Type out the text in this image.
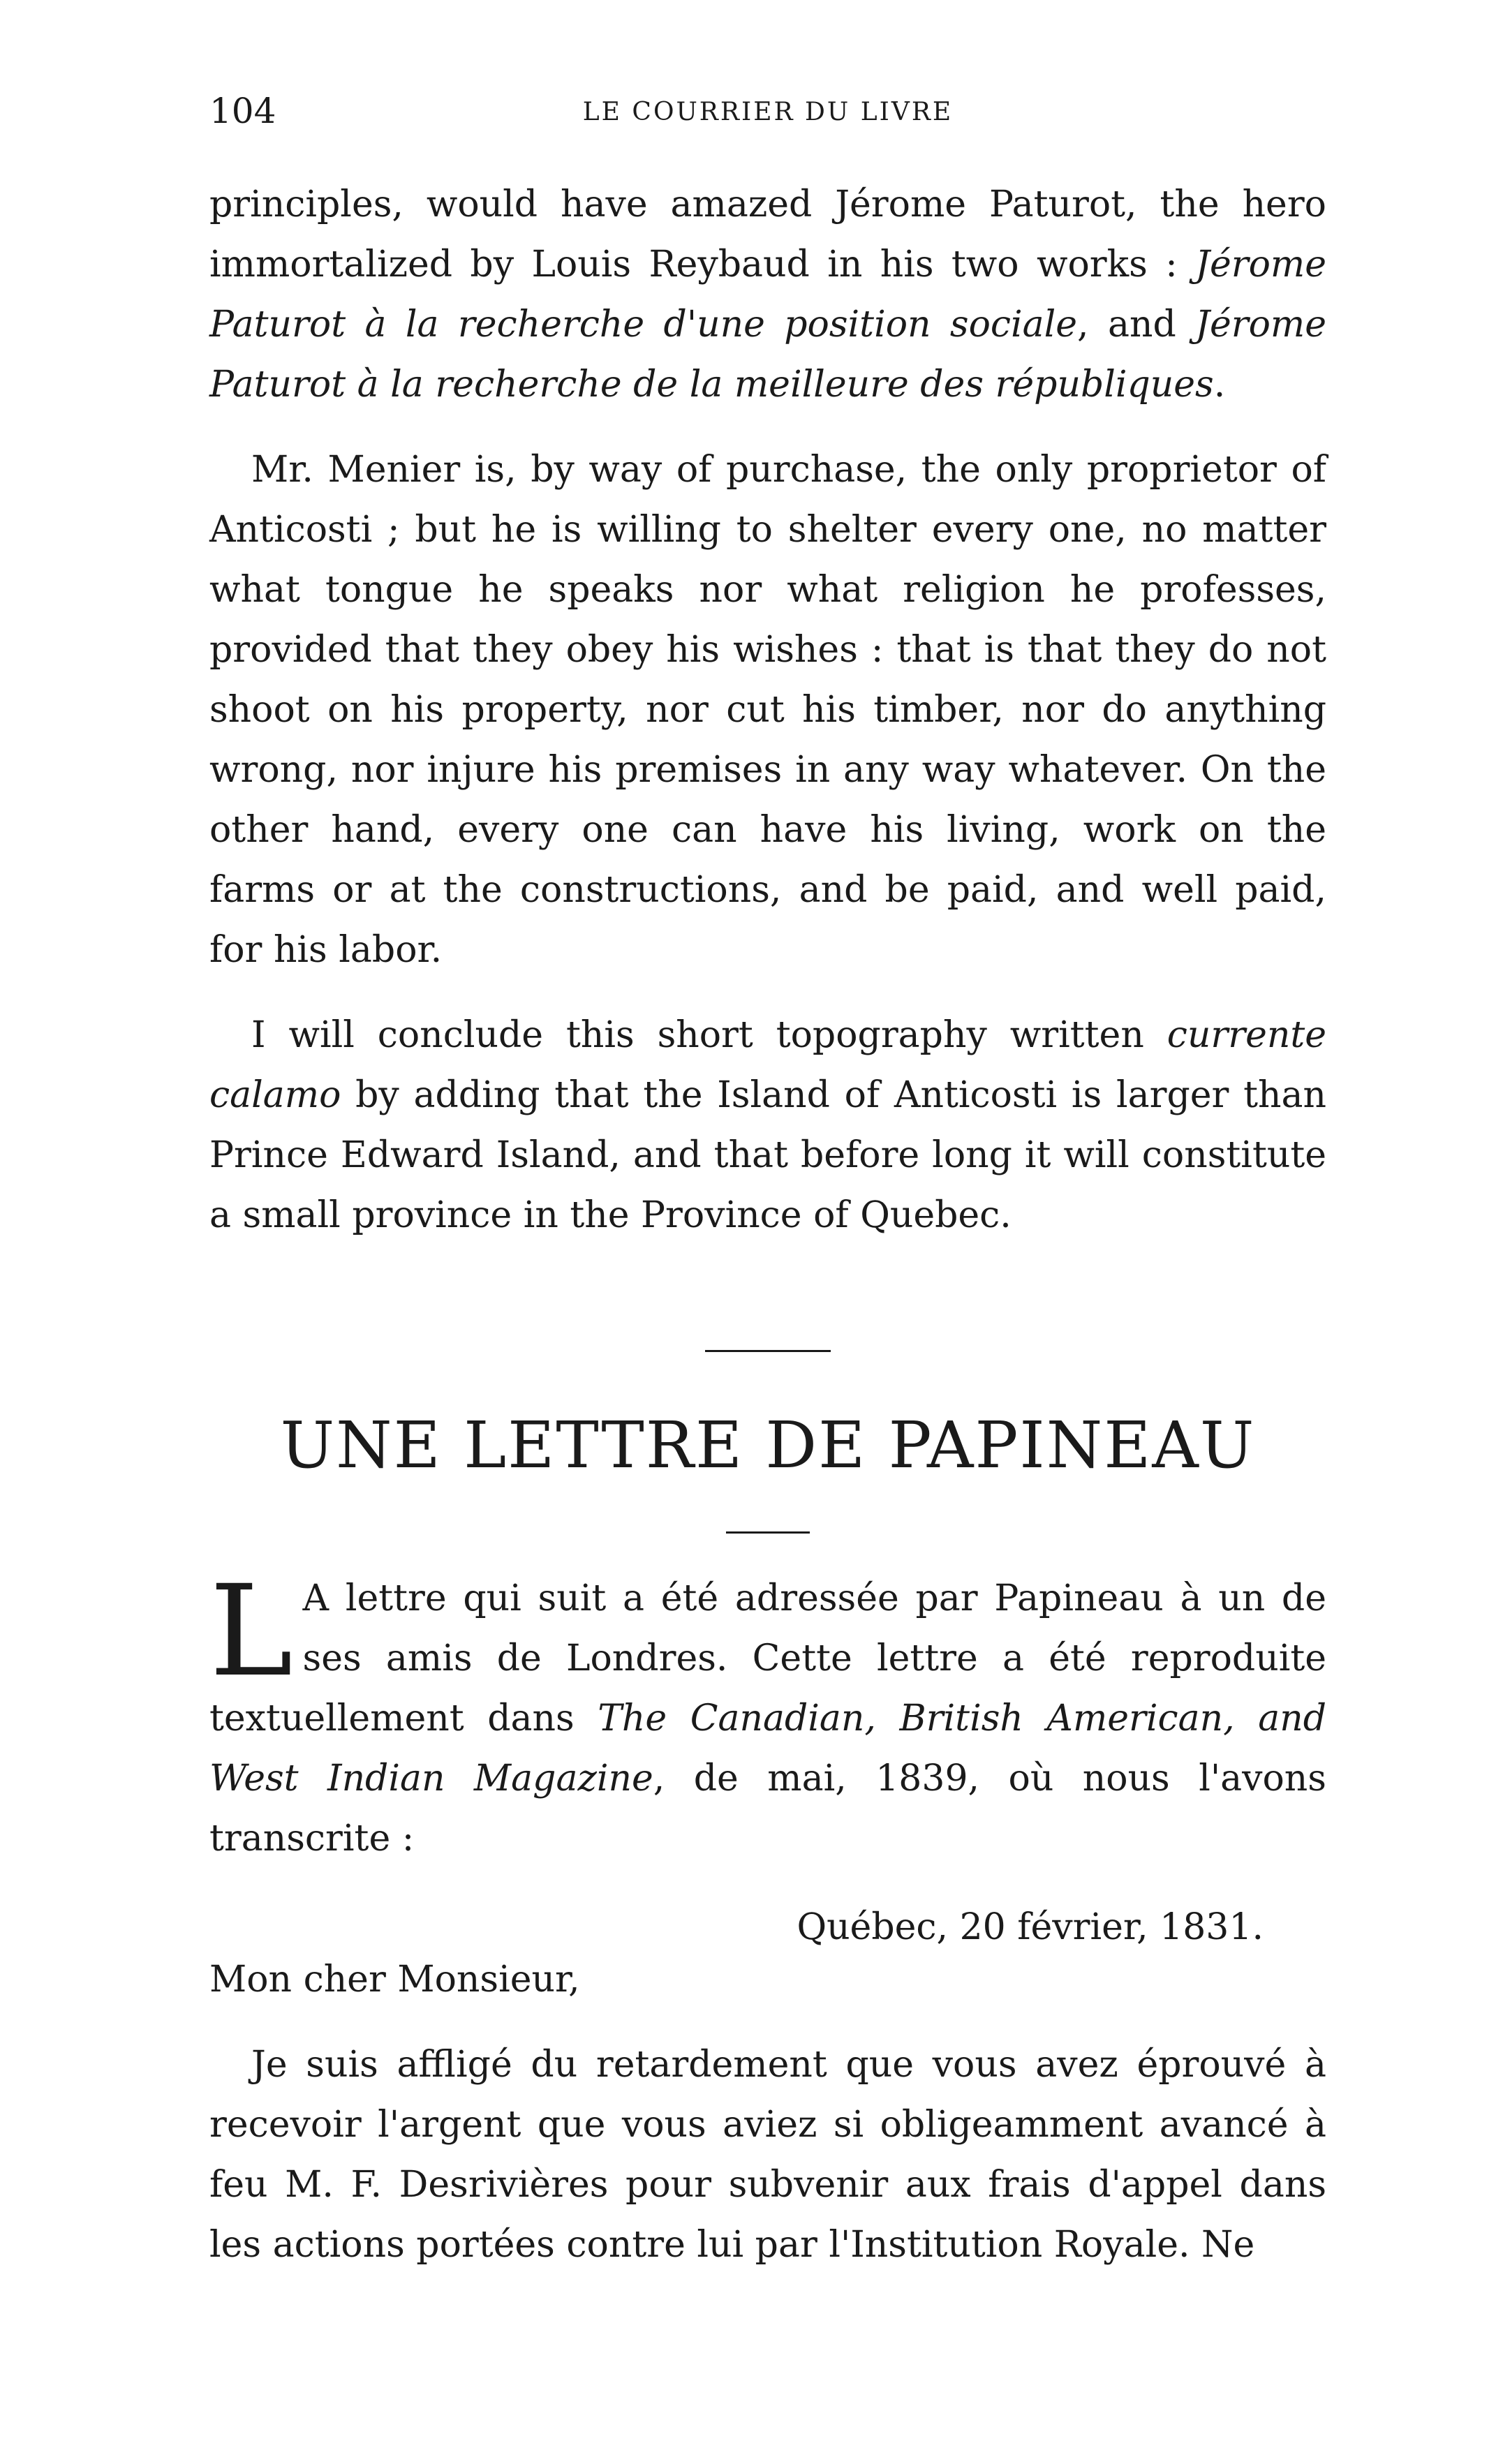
104	LE COURRIER DU LIVRE

principles, would have amazed Jérome Paturot, the hero immortalized by Louis Reybaud in his two works : Jérome Paturot à la recherche d'une position sociale, and Jérome Paturot à la recherche de la meilleure des républiques.

Mr. Menier is, by way of purchase, the only proprietor of Anticosti ; but he is willing to shelter every one, no matter what tongue he speaks nor what religion he professes, provided that they obey his wishes : that is that they do not shoot on his property, nor cut his timber, nor do anything wrong, nor injure his premises in any way whatever. On the other hand, every one can have his living, work on the farms or at the constructions, and be paid, and well paid, for his labor.

I will conclude this short topography written currente calamo by adding that the Island of Anticosti is larger than Prince Edward Island, and that before long it will constitute a small province in the Province of Quebec.

UNE LETTRE DE PAPINEAU

L A lettre qui suit a été adressée par Papineau à un de ses amis de Londres. Cette lettre a été reproduite textuellement dans The Canadian, British American, and West Indian Magazine, de mai, 1839, où nous l'avons transcrite :

Québec, 20 février, 1831.

Mon cher Monsieur,

Je suis affligé du retardement que vous avez éprouvé à recevoir l'argent que vous aviez si obligeamment avancé à feu M. F. Desrivières pour subvenir aux frais d'appel dans les actions portées contre lui par l'Institution Royale. Ne
